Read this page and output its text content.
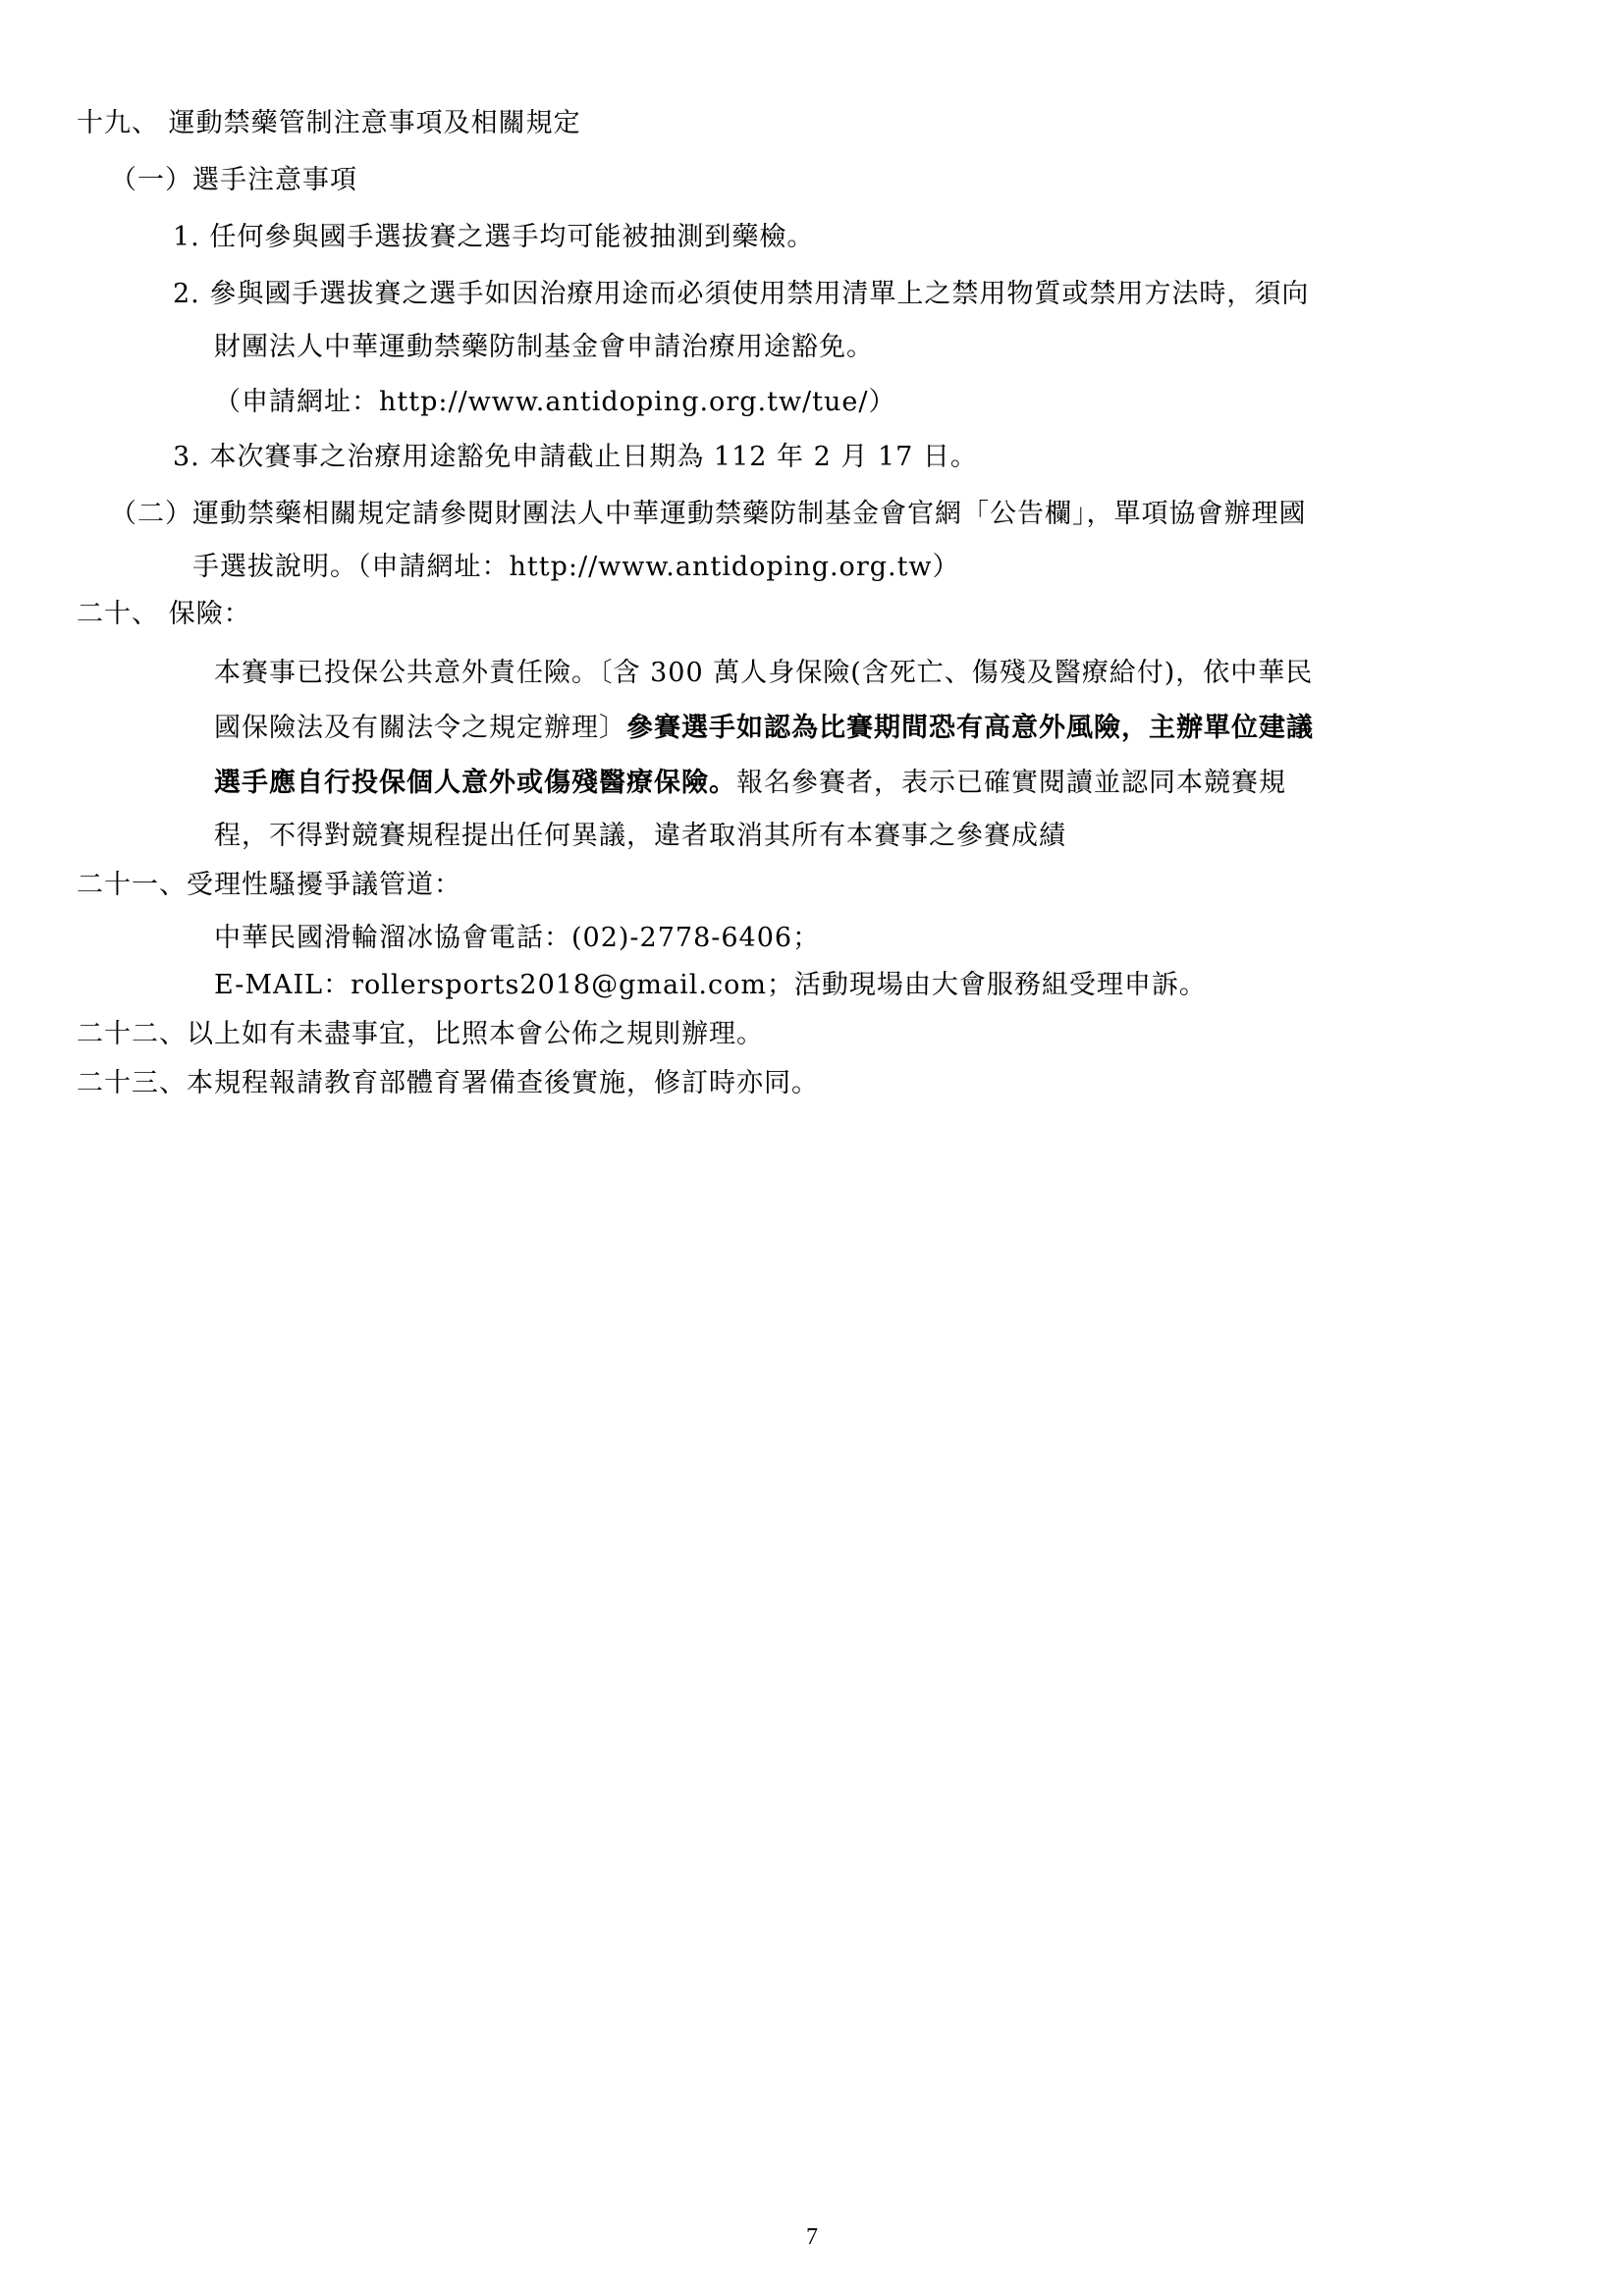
十九、 運動禁藥管制注意事項及相關規定
（一）選手注意事項
1. 任何參與國手選拔賽之選手均可能被抽測到藥檢。
2. 參與國手選拔賽之選手如因治療用途而必須使用禁用清單上之禁用物質或禁用方法時，須向
財團法人中華運動禁藥防制基金會申請治療用途豁免。
（申請網址：http://www.antidoping.org.tw/tue/）
3. 本次賽事之治療用途豁免申請截止日期為 112 年 2 月 17 日。
（二）運動禁藥相關規定請參閱財團法人中華運動禁藥防制基金會官網「公告欄」，單項協會辦理國
手選拔說明。（申請網址：http://www.antidoping.org.tw）
二十、 保險：
本賽事已投保公共意外責任險。〔含 300 萬人身保險(含死亡、傷殘及醫療給付)，依中華民
國保險法及有關法令之規定辦理〕參賽選手如認為比賽期間恐有高意外風險，主辦單位建議
選手應自行投保個人意外或傷殘醫療保險。報名參賽者，表示已確實閱讀並認同本競賽規
程，不得對競賽規程提出任何異議，違者取消其所有本賽事之參賽成績
二十一、受理性騷擾爭議管道：
中華民國滑輪溜冰協會電話：(02)-2778-6406；
E-MAIL：rollersports2018@gmail.com；活動現場由大會服務組受理申訴。
二十二、以上如有未盡事宜，比照本會公佈之規則辦理。
二十三、本規程報請教育部體育署備查後實施，修訂時亦同。
7
